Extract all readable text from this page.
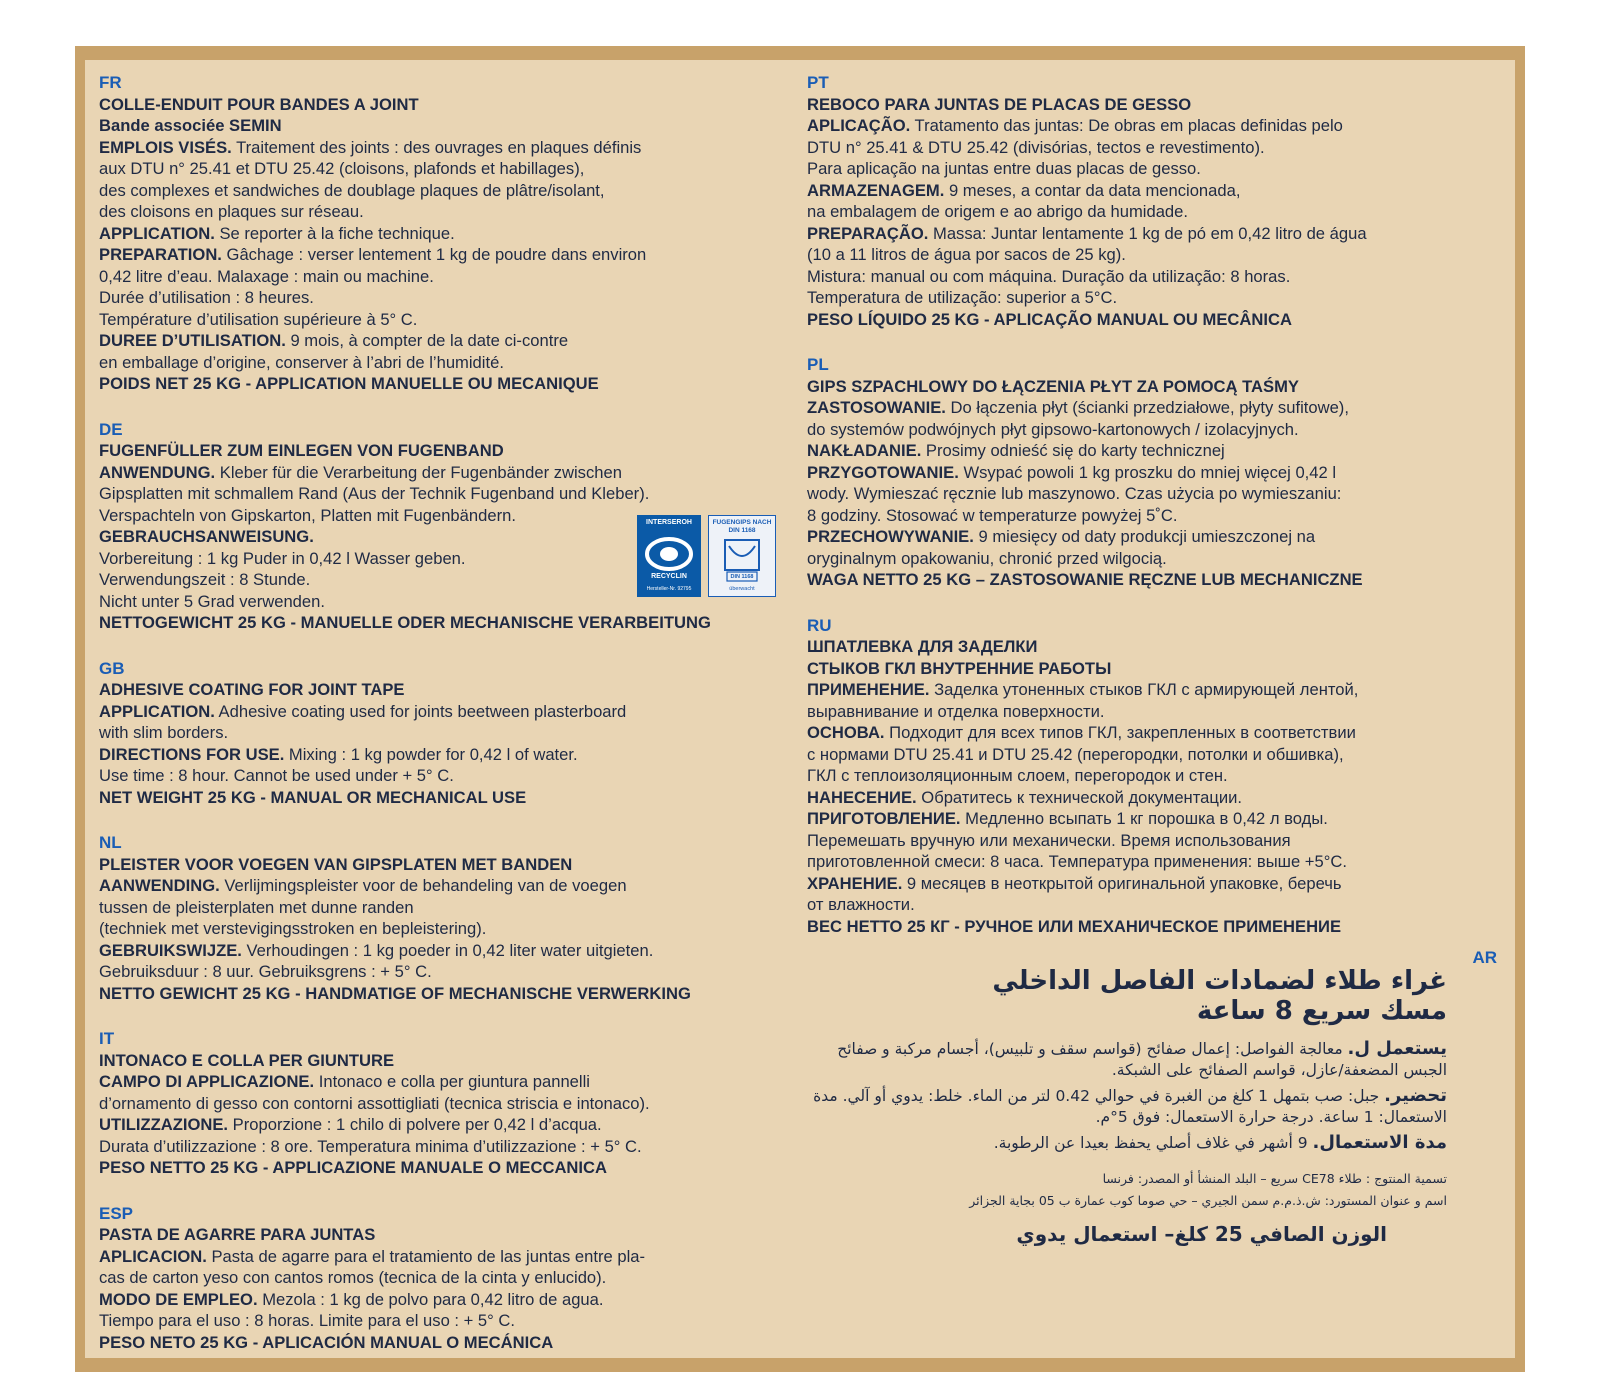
FR
COLLE-ENDUIT POUR BANDES A JOINT
Bande associée SEMIN
EMPLOIS VISÉS. Traitement des joints : des ouvrages en plaques définis
aux DTU n° 25.41 et DTU 25.42 (cloisons, plafonds et habillages),
des complexes et sandwiches de doublage plaques de plâtre/isolant,
des cloisons en plaques sur réseau.
APPLICATION. Se reporter à la fiche technique.
PREPARATION. Gâchage : verser lentement 1 kg de poudre dans environ
0,42 litre d’eau. Malaxage : main ou machine.
Durée d’utilisation : 8 heures.
Température d’utilisation supérieure à 5° C.
DUREE D’UTILISATION. 9 mois, à compter de la date ci-contre
en emballage d’origine, conserver à l’abri de l’humidité.
POIDS NET 25 KG - APPLICATION MANUELLE OU MECANIQUE
DE
FUGENFÜLLER ZUM EINLEGEN VON FUGENBAND
ANWENDUNG. Kleber für die Verarbeitung der Fugenbänder zwischen
Gipsplatten mit schmallem Rand (Aus der Technik Fugenband und Kleber).
Verspachteln von Gipskarton, Platten mit Fugenbändern.
GEBRAUCHSANWEISUNG.
Vorbereitung : 1 kg Puder in 0,42 l Wasser geben.
Verwendungszeit : 8 Stunde.
Nicht unter 5 Grad verwenden.
NETTOGEWICHT 25 KG - MANUELLE ODER MECHANISCHE VERARBEITUNG
GB
ADHESIVE COATING FOR JOINT TAPE
APPLICATION. Adhesive coating used for joints beetween plasterboard
with slim borders.
DIRECTIONS FOR USE. Mixing : 1 kg powder for 0,42 l of water.
Use time : 8 hour. Cannot be used under + 5° C.
NET WEIGHT 25 KG - MANUAL OR MECHANICAL USE
NL
PLEISTER VOOR VOEGEN VAN GIPSPLATEN MET BANDEN
AANWENDING. Verlijmingspleister voor de behandeling van de voegen
tussen de pleisterplaten met dunne randen
(techniek met verstevigingsstroken en bepleistering).
GEBRUIKSWIJZE. Verhoudingen : 1 kg poeder in 0,42 liter water uitgieten.
Gebruiksduur : 8 uur. Gebruiksgrens : + 5° C.
NETTO GEWICHT 25 KG - HANDMATIGE OF MECHANISCHE VERWERKING
IT
INTONACO E COLLA PER GIUNTURE
CAMPO DI APPLICAZIONE. Intonaco e colla per giuntura pannelli
d’ornamento di gesso con contorni assottigliati (tecnica striscia e intonaco).
UTILIZZAZIONE. Proporzione : 1 chilo di polvere per 0,42 l d’acqua.
Durata d’utilizzazione : 8 ore. Temperatura minima d’utilizzazione : + 5° C.
PESO NETTO 25 KG - APPLICAZIONE MANUALE O MECCANICA
ESP
PASTA DE AGARRE PARA JUNTAS
APLICACION. Pasta de agarre para el tratamiento de las juntas entre pla-
cas de carton yeso con cantos romos (tecnica de la cinta y enlucido).
MODO DE EMPLEO. Mezola : 1 kg de polvo para 0,42 litro de agua.
Tiempo para el uso : 8 horas. Limite para el uso : + 5° C.
PESO NETO 25 KG - APLICACIÓN MANUAL O MECÁNICA
INTERSEROH
RECYCLIN
Hersteller-Nr. 92795
FUGENGIPS NACH
DIN 1168
DIN 1168
überwacht
PT
REBOCO PARA JUNTAS DE PLACAS DE GESSO
APLICAÇÃO. Tratamento das juntas: De obras em placas definidas pelo
DTU n° 25.41 & DTU 25.42 (divisórias, tectos e revestimento).
Para aplicação na juntas entre duas placas de gesso.
ARMAZENAGEM. 9 meses, a contar da data mencionada,
na embalagem de origem e ao abrigo da humidade.
PREPARAÇÃO. Massa: Juntar lentamente 1 kg de pó em 0,42 litro de água
(10 a 11 litros de água por sacos de 25 kg).
Mistura: manual ou com máquina. Duração da utilização: 8 horas.
Temperatura de utilização: superior a 5°C.
PESO LÍQUIDO 25 KG - APLICAÇÃO MANUAL OU MECÂNICA
PL
GIPS SZPACHLOWY DO ŁĄCZENIA PŁYT ZA POMOCĄ TAŚMY
ZASTOSOWANIE. Do łączenia płyt (ścianki przedziałowe, płyty sufitowe),
do systemów podwójnych płyt gipsowo-kartonowych / izolacyjnych.
NAKŁADANIE. Prosimy odnieść się do karty technicznej
PRZYGOTOWANIE. Wsypać powoli 1 kg proszku do mniej więcej 0,42 l
wody. Wymieszać ręcznie lub maszynowo. Czas użycia po wymieszaniu:
8 godziny. Stosować w temperaturze powyżej 5˚C.
PRZECHOWYWANIE. 9 miesięcy od daty produkcji umieszczonej na
oryginalnym opakowaniu, chronić przed wilgocią.
WAGA NETTO 25 KG – ZASTOSOWANIE RĘCZNE LUB MECHANICZNE
RU
ШПАТЛЕВКА ДЛЯ ЗАДЕЛКИ
СТЫКОВ ГКЛ ВНУТРЕННИЕ РАБОТЫ
ПРИМЕНЕНИЕ. Заделка утоненных стыков ГКЛ с армирующей лентой,
выравнивание и отделка поверхности.
ОСНОВА. Подходит для всех типов ГКЛ, закрепленных в соответствии
с нормами DTU 25.41 и DTU 25.42 (перегородки, потолки и обшивка),
ГКЛ с теплоизоляционным слоем, перегородок и стен.
НАНЕСЕНИЕ. Обратитесь к технической документации.
ПРИГОТОВЛЕНИЕ. Медленно всыпать 1 кг порошка в 0,42 л воды.
Перемешать вручную или механически. Время использования
приготовленной смеси: 8 часа. Температура применения: выше +5°C.
ХРАНЕНИЕ. 9 месяцев в неоткрытой оригинальной упаковке, беречь
от влажности.
ВЕС НЕТТО 25 КГ - РУЧНОЕ ИЛИ МЕХАНИЧЕСКОЕ ПРИМЕНЕНИЕ
AR
غراء طلاء لضمادات الفاصل الداخلي
مسك سريع 8 ساعة
يستعمل ل. معالجة الفواصل: إعمال صفائح (قواسم سقف و تلبيس)، أجسام مركبة و صفائح الجبس المضعفة/عازل، قواسم الصفائح على الشبكة.
تحضير. جبل: صب بتمهل 1 كلغ من الغبرة في حوالي 0.42 لتر من الماء. خلط: يدوي أو آلي. مدة الاستعمال: 1 ساعة. درجة حرارة الاستعمال: فوق 5°م.
مدة الاستعمال. 9 أشهر في غلاف أصلي يحفظ بعيدا عن الرطوبة.
تسمية المنتوج : طلاء CE78 سريع – البلد المنشأ أو المصدر: فرنسا
اسم و عنوان المستورد: ش.ذ.م.م سمن الجيري – حي صوما كوب عمارة ب 05 بجاية الجزائر
الوزن الصافي 25 كلغ– استعمال يدوي
